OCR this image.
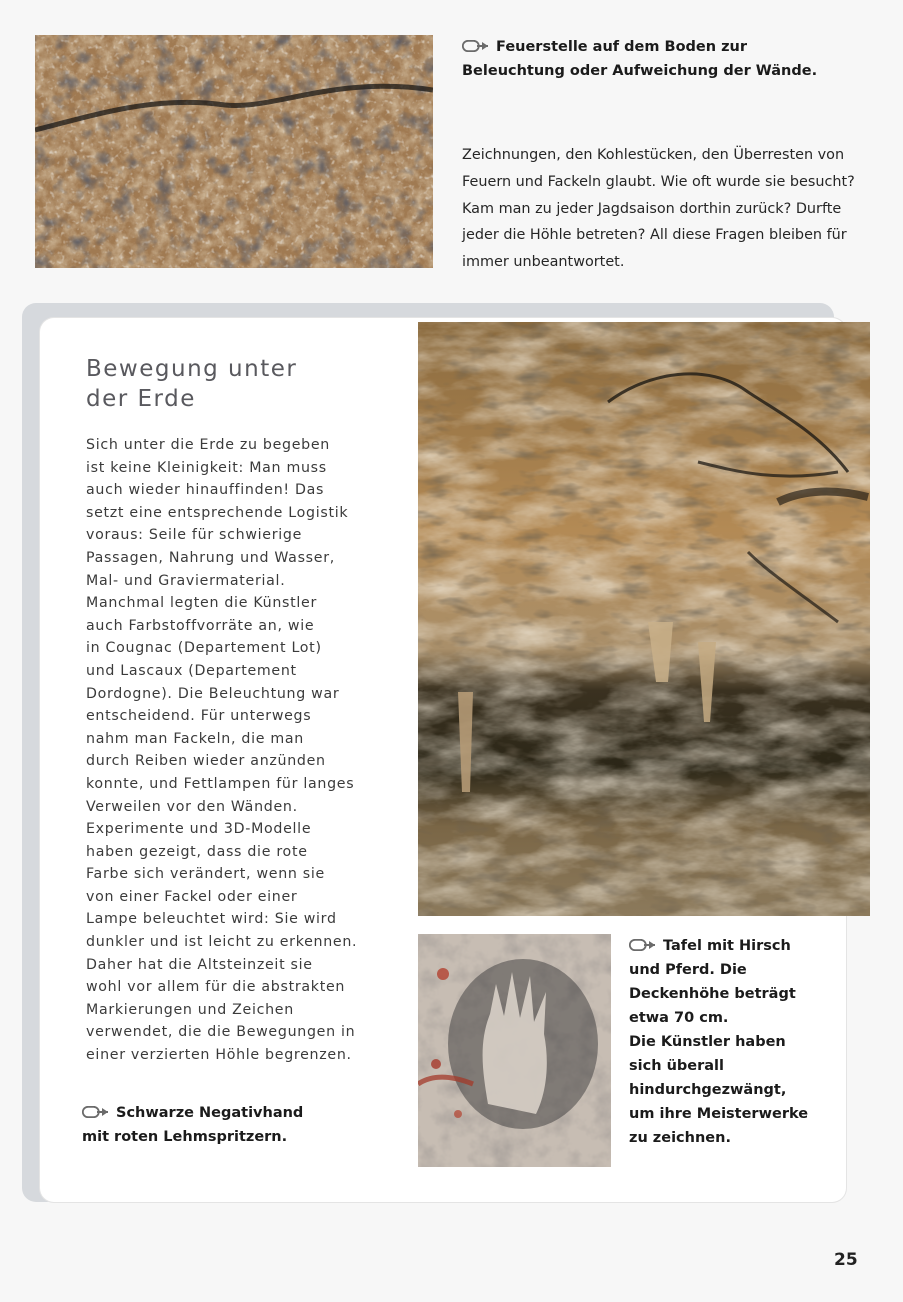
Feuerstelle auf dem Boden zur
Beleuchtung oder Aufweichung der Wände.
Zeichnungen, den Kohlestücken, den Überresten von
Feuern und Fackeln glaubt. Wie oft wurde sie besucht?
Kam man zu jeder Jagdsaison dorthin zurück? Durfte
jeder die Höhle betreten? All diese Fragen bleiben für
immer unbeantwortet.
Bewegung unter
der Erde
Sich unter die Erde zu begeben
ist keine Kleinigkeit: Man muss
auch wieder hinauffinden! Das
setzt eine entsprechende Logistik
voraus: Seile für schwierige
Passagen, Nahrung und Wasser,
Mal- und Graviermaterial.
Manchmal legten die Künstler
auch Farbstoffvorräte an, wie
in Cougnac (Departement Lot)
und Lascaux (Departement
Dordogne). Die Beleuchtung war
entscheidend. Für unterwegs
nahm man Fackeln, die man
durch Reiben wieder anzünden
konnte, und Fettlampen für langes
Verweilen vor den Wänden.
Experimente und 3D-Modelle
haben gezeigt, dass die rote
Farbe sich verändert, wenn sie
von einer Fackel oder einer
Lampe beleuchtet wird: Sie wird
dunkler und ist leicht zu erkennen.
Daher hat die Altsteinzeit sie
wohl vor allem für die abstrakten
Markierungen und Zeichen
verwendet, die die Bewegungen in
einer verzierten Höhle begrenzen.
Schwarze Negativhand
mit roten Lehmspritzern.
Tafel mit Hirsch
und Pferd. Die
Deckenhöhe beträgt
etwa 70 cm.
Die Künstler haben
sich überall
hindurchgezwängt,
um ihre Meisterwerke
zu zeichnen.
25
